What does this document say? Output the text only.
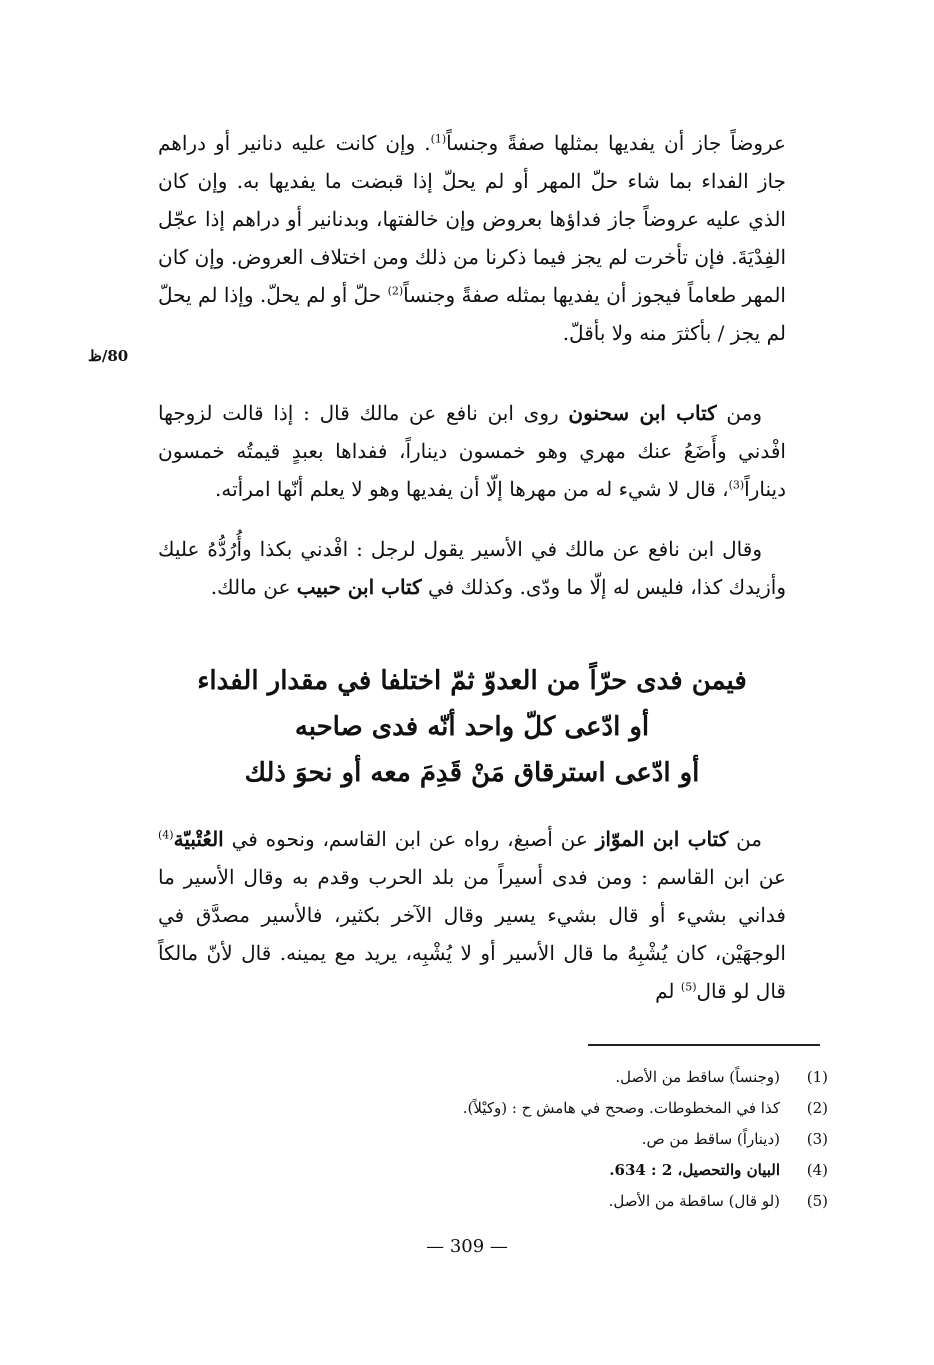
عروضاً جاز أن يفديها بمثلها صفةً وجنساً$^{(1)}$. وإن كانت عليه دنانير أو دراهم جاز الفداء بما شاء حلّ المهر أو لم يحلّ إذا قبضت ما يفديها به. وإن كان الذي عليه عروضاً جاز فداؤها بعروض وإن خالفتها، وبدنانير أو دراهم إذا عجّل الفِدْيَةَ. فإن تأخرت لم يجز فيما ذكرنا من ذلك ومن اختلاف العروض. وإن كان المهر طعاماً فيجوز أن يفديها بمثله صفةً وجنساً$^{(2)}$ حلّ أو لم يحلّ. وإذا لم يحلّ لم يجز / بأكثرَ منه ولا بأقلّ.

80/ظ

ومن كتاب ابن سحنون روى ابن نافع عن مالك قال : إذا قالت لزوجها افْدني وأَضَعُ عنك مهري وهو خمسون ديناراً، ففداها بعبدٍ قيمتُه خمسون ديناراً$^{(3)}$، قال لا شيء له من مهرها إلّا أن يفديها وهو لا يعلم أنّها امرأته.

وقال ابن نافع عن مالك في الأسير يقول لرجل : افْدني بكذا وأُرُدُّهُ عليك وأزيدك كذا، فليس له إلّا ما ودّى. وكذلك في كتاب ابن حبيب عن مالك.

فيمن فدى حرّاً من العدوّ ثمّ اختلفا في مقدار الفداء
أو ادّعى كلّ واحد أنّه فدى صاحبه
أو ادّعى استرقاق مَنْ قَدِمَ معه أو نحوَ ذلك

من كتاب ابن الموّاز عن أصبغ، رواه عن ابن القاسم، ونحوه في العُتْبيّة$^{(4)}$ عن ابن القاسم : ومن فدى أسيراً من بلد الحرب وقدم به وقال الأسير ما فداني بشيء أو قال بشيء يسير وقال الآخر بكثير، فالأسير مصدَّق في الوجهَيْن، كان يُشْبِهُ ما قال الأسير أو لا يُشْبِه، يريد مع يمينه. قال لأنّ مالكاً قال لو قال$^{(5)}$ لم

(1)
(وجنساً) ساقط من الأصل.
(2)
كذا في المخطوطات. وصحح في هامش ح : (وكيْلاً).
(3)
(ديناراً) ساقط من ص.
(4)
البيان والتحصيل، 2 : 634.
(5)
(لو قال) ساقطة من الأصل.
— 309 —
